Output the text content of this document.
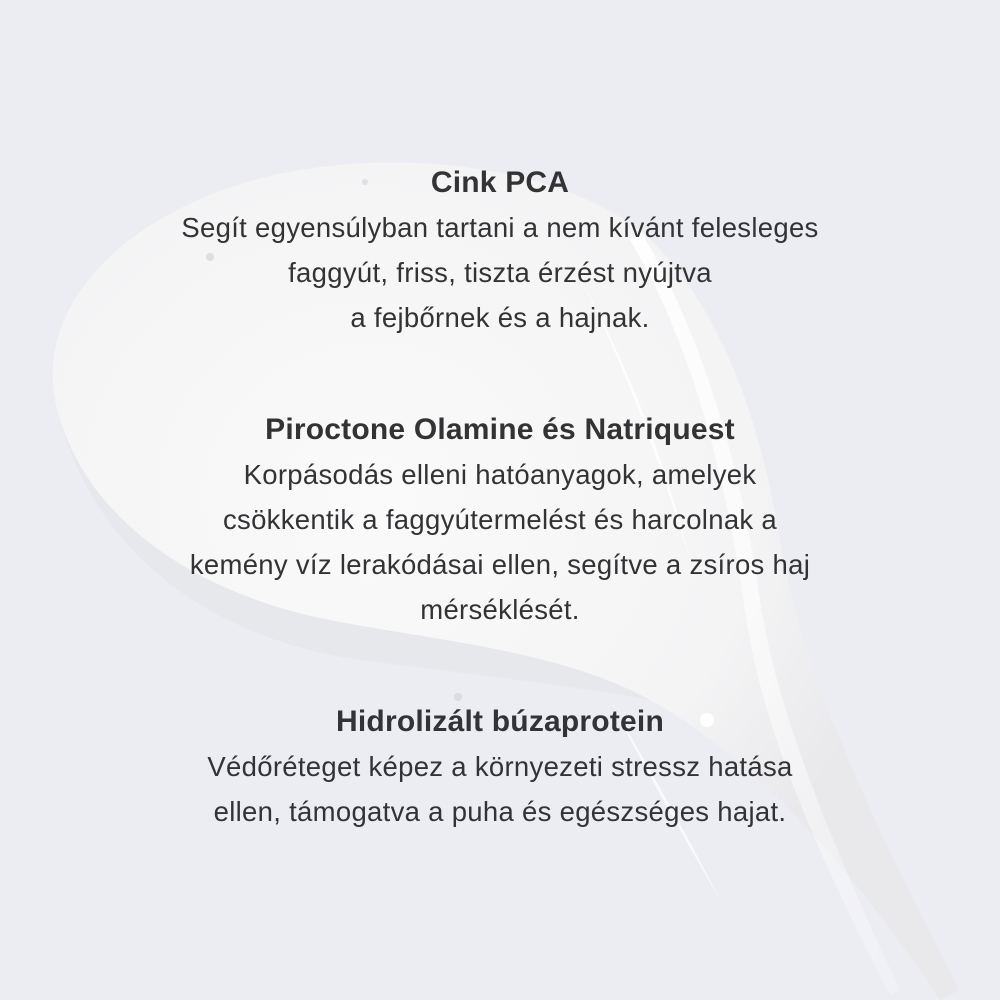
Cink PCA

Segít egyensúlyban tartani a nem kívánt felesleges
faggyút, friss, tiszta érzést nyújtva
a fejbőrnek és a hajnak.

Piroctone Olamine és Natriquest

Korpásodás elleni hatóanyagok, amelyek
csökkentik a faggyútermelést és harcolnak a
kemény víz lerakódásai ellen, segítve a zsíros haj
mérséklését.

Hidrolizált búzaprotein

Védőréteget képez a környezeti stressz hatása
ellen, támogatva a puha és egészséges hajat.
